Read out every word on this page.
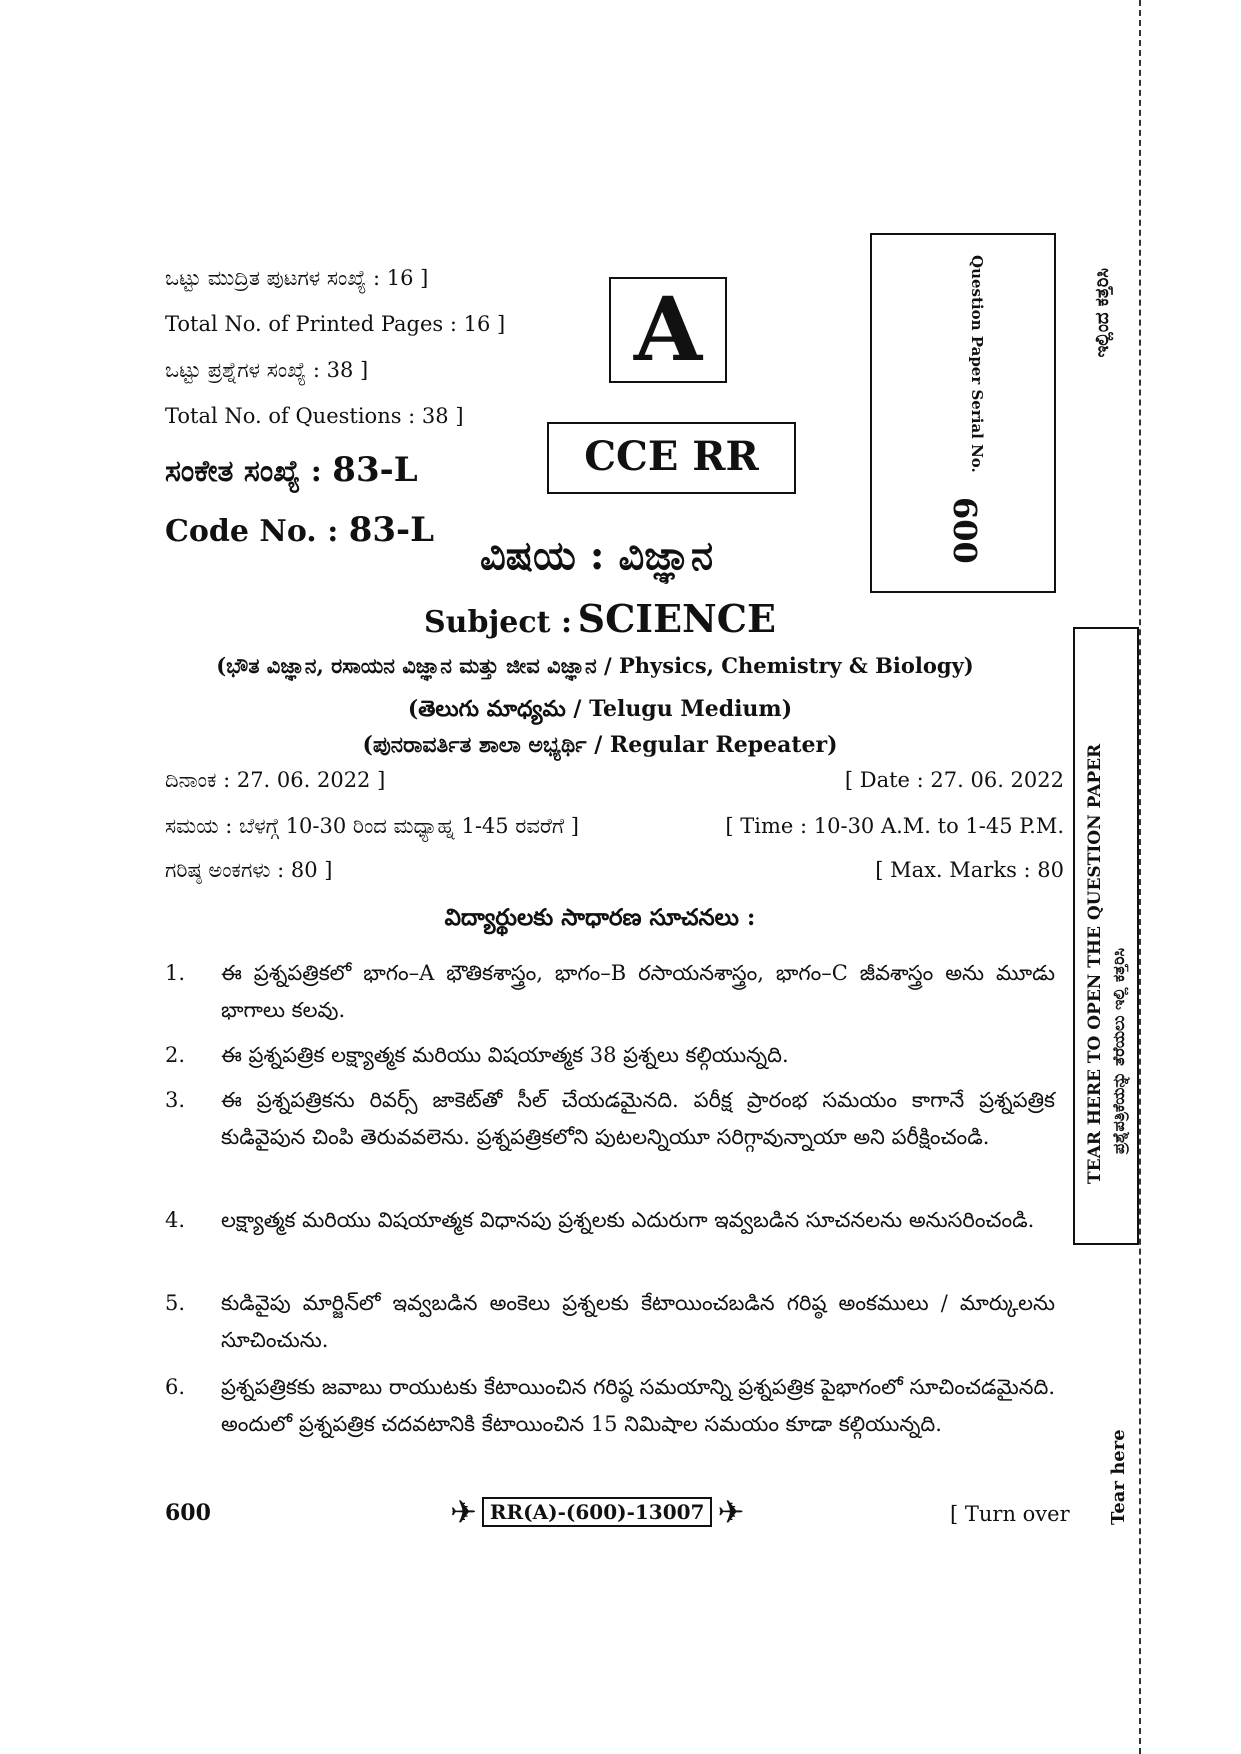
ಒಟ್ಟು ಮುದ್ರಿತ ಪುಟಗಳ ಸಂಖ್ಯೆ : 16 ]
Total No. of Printed Pages : 16 ]
ಒಟ್ಟು ಪ್ರಶ್ನೆಗಳ ಸಂಖ್ಯೆ : 38 ]
Total No. of Questions : 38 ]
ಸಂಕೇತ ಸಂಖ್ಯೆ : 83-L
Code No. : 83-L
A
CCE RR	Question Paper Serial No.
600
ವಿಷಯ : ವಿಜ್ಞಾನ
Subject : SCIENCE
(ಭೌತ ವಿಜ್ಞಾನ, ರಸಾಯನ ವಿಜ್ಞಾನ ಮತ್ತು ಜೀವ ವಿಜ್ಞಾನ / Physics, Chemistry & Biology)
(తెలుగు మాధ్యమ / Telugu Medium)
(ಪುನರಾವರ್ತಿತ ಶಾಲಾ ಅಭ್ಯರ್ಥಿ / Regular Repeater)
ದಿನಾಂಕ : 27. 06. 2022 ]	[ Date : 27. 06. 2022
ಸಮಯ : ಬೆಳಗ್ಗೆ 10-30 ರಿಂದ ಮಧ್ಯಾಹ್ನ 1-45 ರವರೆಗೆ ]	[ Time : 10-30 A.M. to 1-45 P.M.
ಗರಿಷ್ಠ ಅಂಕಗಳು : 80 ]	[ Max. Marks : 80
విద్యార్థులకు సాధారణ సూచనలు :
1. ఈ ప్రశ్నపత్రికలో భాగం–A భౌతికశాస్త్రం, భాగం–B రసాయనశాస్త్రం, భాగం–C జీవశాస్త్రం అను మూడు భాగాలు కలవు.
2. ఈ ప్రశ్నపత్రిక లక్ష్యాత్మక మరియు విషయాత్మక 38 ప్రశ్నలు కల్గియున్నది.
3. ఈ ప్రశ్నపత్రికను రివర్స్ జాకెట్‌తో సీల్ చేయడమైనది. పరీక్ష ప్రారంభ సమయం కాగానే ప్రశ్నపత్రిక కుడివైపున చింపి తెరువవలెను. ప్రశ్నపత్రికలోని పుటలన్నియూ సరిగ్గావున్నాయా అని పరీక్షించండి.
4. లక్ష్యాత్మక మరియు విషయాత్మక విధానపు ప్రశ్నలకు ఎదురుగా ఇవ్వబడిన సూచనలను అనుసరించండి.
5. కుడివైపు మార్జిన్‌లో ఇవ్వబడిన అంకెలు ప్రశ్నలకు కేటాయించబడిన గరిష్ఠ అంకములు / మార్కులను సూచించును.
6. ప్రశ్నపత్రికకు జవాబు రాయుటకు కేటాయించిన గరిష్ఠ సమయాన్ని ప్రశ్నపత్రిక పైభాగంలో సూచించడమైనది. అందులో ప్రశ్నపత్రిక చదవటానికి కేటాయించిన 15 నిమిషాల సమయం కూడా కల్గియున్నది.
600	✈ RR(A)-(600)-13007 ✈	[ Turn over
ಇಲ್ಲಿಂದ ಕತ್ತರಿಸಿ
TEAR HERE TO OPEN THE QUESTION PAPER ಪ್ರಶ್ನೆಪತ್ರಿಕೆಯನ್ನು ತೆರೆಯಲು ಇಲ್ಲಿ ಕತ್ತರಿಸಿ
Tear here
